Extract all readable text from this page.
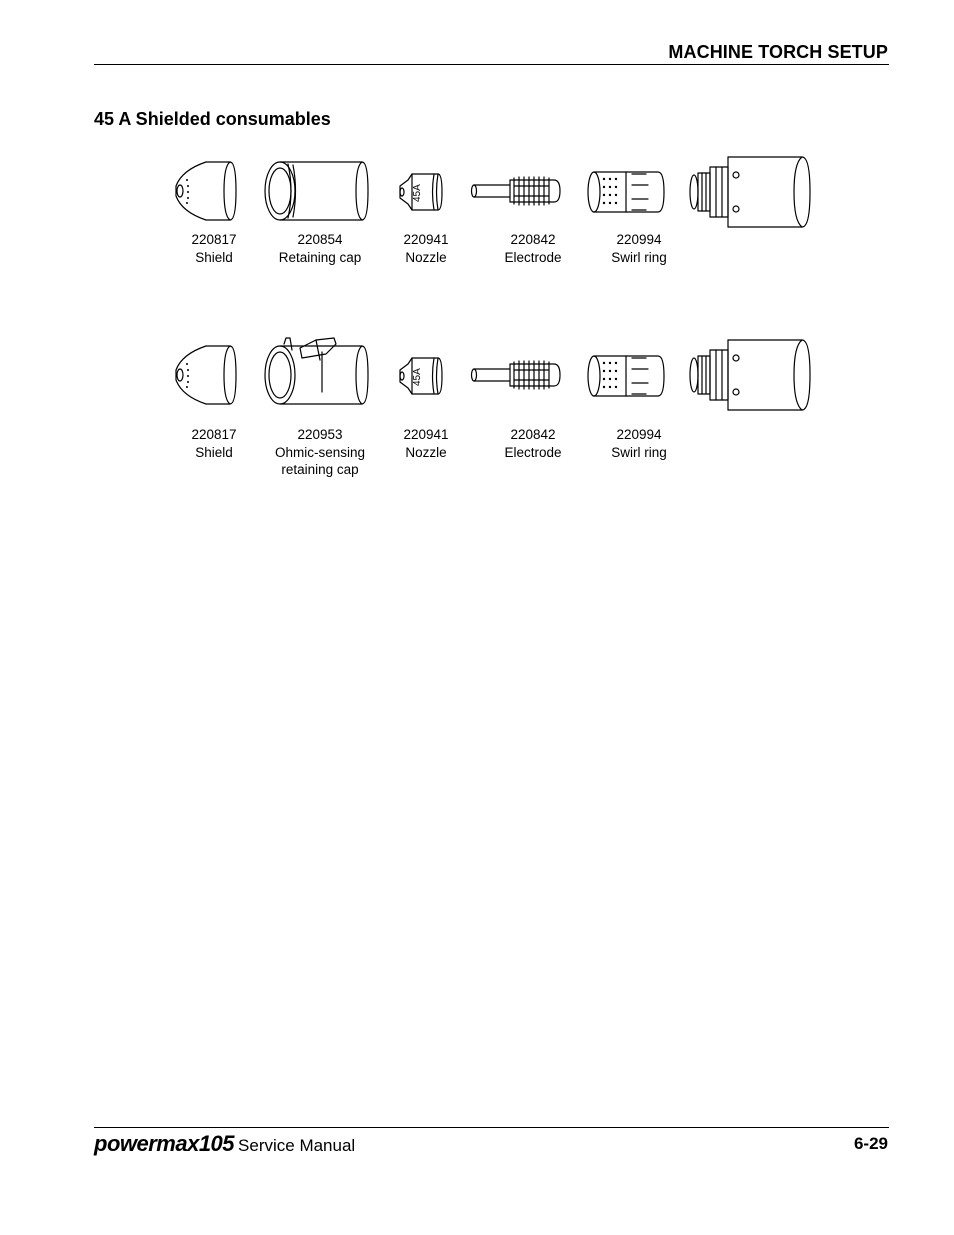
MACHINE TORCH SETUP
45 A Shielded consumables
45A
220817
Shield
220854
Retaining cap
220941
Nozzle
220842
Electrode
220994
Swirl ring
45A
220817
Shield
220953
Ohmic-sensing
retaining cap
220941
Nozzle
220842
Electrode
220994
Swirl ring
powermax105 Service Manual	6-29
